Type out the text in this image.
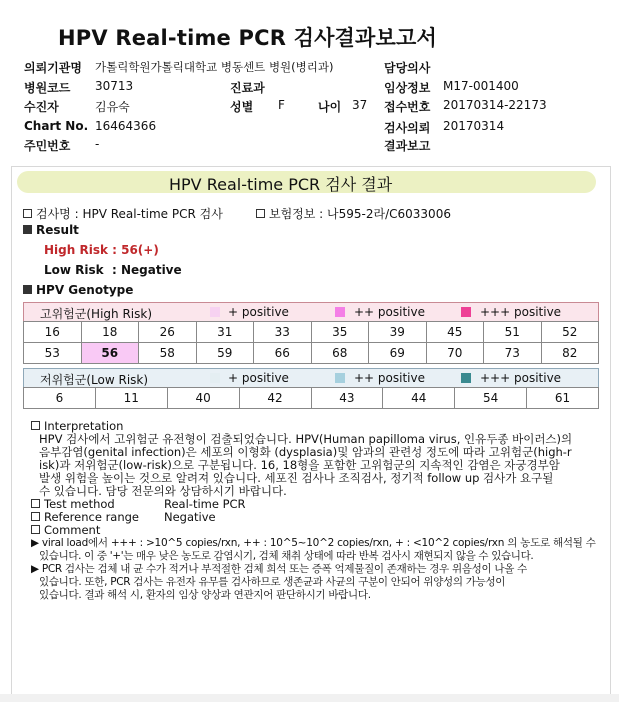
HPV Real-time PCR 검사결과보고서
의뢰기관명 가톨릭학원가톨릭대학교 병동센트 병원(병리과)	담당의사
병원코드 30713	진료과	임상정보 M17-001400
수진자	김유숙	성별 F	나이 37 접수번호 20170314-22173
Chart No. 16464366	검사의뢰 20170314
주민번호 -	결과보고
HPV Real-time PCR 검사 결과
검사명 : HPV Real-time PCR 검사	보험정보 : 나595-2라/C6033006
Result
High Risk : 56(+)
Low Risk  : Negative
HPV Genotype
고위험군(High Risk)	+ positive	++ positive	+++ positive
16	18	26	31	33	35	39	45	51	52
53	56	58	59	66	68	69	70	73	82
저위험군(Low Risk)	+ positive	++ positive	+++ positive
6	11	40	42	43	44	54	61

Interpretation

HPV 검사에서 고위험군 유전형이 검출되었습니다. HPV(Human papilloma virus, 인유두종 바이러스)의

음부감염(genital infection)은 세포의 이형화 (dysplasia)및 암과의 관련성 정도에 따라 고위험군(high-r

isk)과 저위험군(low-risk)으로 구분됩니다. 16, 18형을 포함한 고위험군의 지속적인 감염은 자궁경부암

발생 위험을 높이는 것으로 알려져 있습니다. 세포진 검사나 조직검사, 정기적 follow up 검사가 요구될

수 있습니다. 담당 전문의와 상담하시기 바랍니다.

Test method	Real-time PCR

Reference range Negative

Comment

▶ viral load에서 +++ : >10^5 copies/rxn, ++ : 10^5~10^2 copies/rxn, + : <10^2 copies/rxn 의 농도로 해석될 수

있습니다. 이 중 '+'는 매우 낮은 농도로 감염시기, 검체 채취 상태에 따라 반복 검사시 재현되지 않을 수 있습니다.

▶ PCR 검사는 검체 내 균 수가 적거나 부적절한 검체 희석 또는 증폭 억제물질이 존재하는 경우 위음성이 나올 수

있습니다. 또한, PCR 검사는 유전자 유무를 검사하므로 생존균과 사균의 구분이 안되어 위양성의 가능성이

있습니다. 결과 해석 시, 환자의 임상 양상과 연관지어 판단하시기 바랍니다.
